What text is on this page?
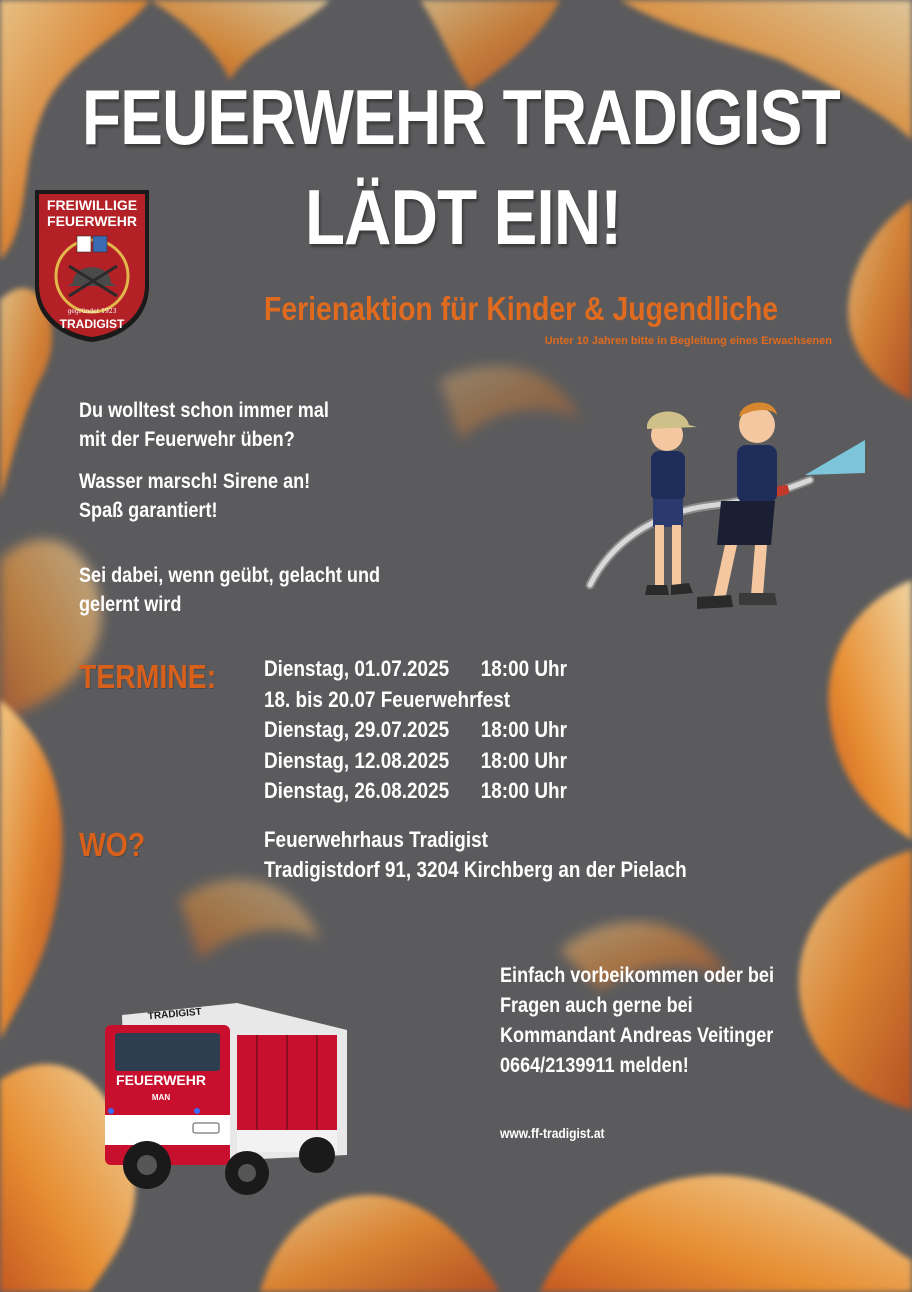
FREIWILLIGE
FEUERWEHR
gegründet 1923
TRADIGIST
FEUERWEHR TRADIGIST
LÄDT EIN!
Ferienaktion für Kinder & Jugendliche
Unter 10 Jahren bitte in Begleitung eines Erwachsenen
Du wolltest schon immer mal
mit der Feuerwehr üben?
Wasser marsch! Sirene an!
Spaß garantiert!
Sei dabei, wenn geübt, gelacht und
gelernt wird
TERMINE: Dienstag, 01.07.2025 18:00 Uhr
18. bis 20.07 Feuerwehrfest
Dienstag, 29.07.2025 18:00 Uhr
Dienstag, 12.08.2025 18:00 Uhr
Dienstag, 26.08.2025 18:00 Uhr
WO?	Feuerwehrhaus Tradigist
Tradigistdorf 91, 3204 Kirchberg an der Pielach
TRADIGIST
FEUERWEHR
MAN
Einfach vorbeikommen oder bei
Fragen auch gerne bei
Kommandant Andreas Veitinger
0664/2139911 melden!
www.ff-tradigist.at
